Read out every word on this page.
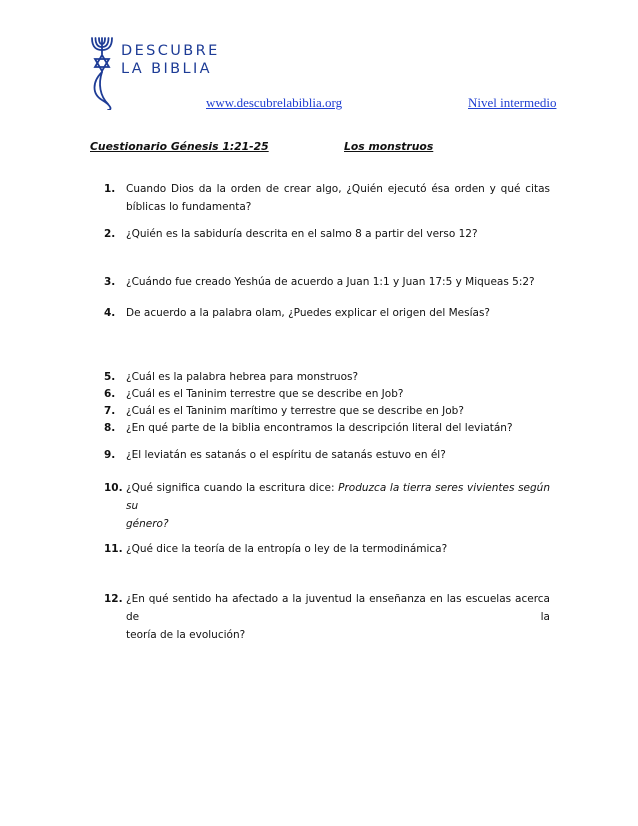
DESCUBRE
LA BIBLIA
www.descubrelabiblia.org	Nivel intermedio
Cuestionario Génesis 1:21-25	Los monstruos
1. Cuando Dios da la orden de crear algo, ¿Quién ejecutó ésa orden y qué citas
bíblicas lo fundamenta?
2.	¿Quién es la sabiduría descrita en el salmo 8 a partir del verso 12?
3.	¿Cuándo fue creado Yeshúa de acuerdo a Juan 1:1 y Juan 17:5 y Miqueas 5:2?
4.	De acuerdo a la palabra olam, ¿Puedes explicar el origen del Mesías?
5.	¿Cuál es la palabra hebrea para monstruos?
6.	¿Cuál es el Taninim terrestre que se describe en Job?
7.	¿Cuál es el Taninim marítimo y terrestre que se describe en Job?
8.	¿En qué parte de la biblia encontramos la descripción literal del leviatán?
9.	¿El leviatán es satanás o el espíritu de satanás estuvo en él?
10. ¿Qué significa cuando la escritura dice: Produzca la tierra seres vivientes según su
género?
11. ¿Qué dice la teoría de la entropía o ley de la termodinámica?
12. ¿En qué sentido ha afectado a la juventud la enseñanza en las escuelas acerca de la
teoría de la evolución?
